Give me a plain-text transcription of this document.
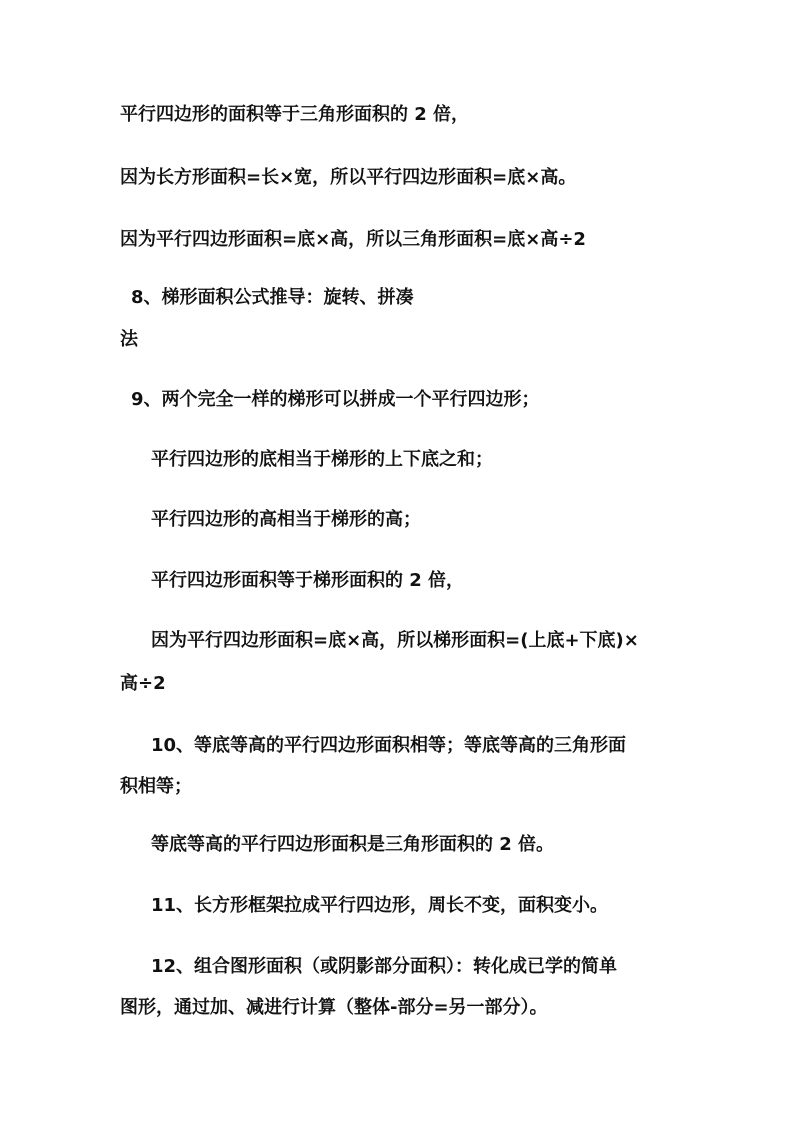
平行四边形的面积等于三角形面积的 2 倍，
因为长方形面积=长×宽，所以平行四边形面积=底×高。
因为平行四边形面积=底×高，所以三角形面积=底×高÷2
8、梯形面积公式推导：旋转、拼凑
法
9、两个完全一样的梯形可以拼成一个平行四边形；
平行四边形的底相当于梯形的上下底之和；
平行四边形的高相当于梯形的高；
平行四边形面积等于梯形面积的 2 倍，
因为平行四边形面积=底×高，所以梯形面积=(上底+下底)×
高÷2
10、等底等高的平行四边形面积相等；等底等高的三角形面
积相等；
等底等高的平行四边形面积是三角形面积的 2 倍。
11、长方形框架拉成平行四边形，周长不变，面积变小。
12、组合图形面积（或阴影部分面积）：转化成已学的简单
图形，通过加、减进行计算（整体-部分=另一部分）。
